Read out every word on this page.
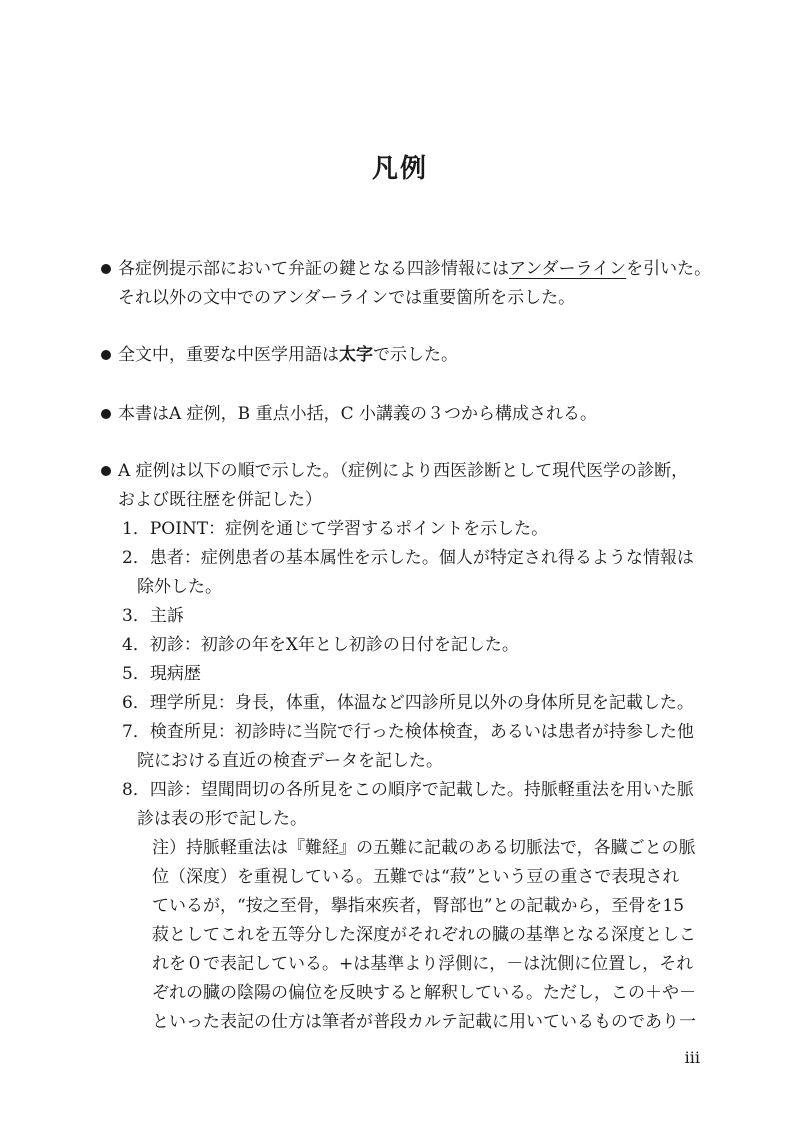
凡例
各症例提示部において弁証の鍵となる四診情報にはアンダーラインを引いた。
それ以外の文中でのアンダーラインでは重要箇所を示した。
全文中，重要な中医学用語は太字で示した。
本書はA 症例，B 重点小括，C 小講義の３つから構成される。
A 症例は以下の順で示した。（症例により西医診断として現代医学の診断，
および既往歴を併記した）
1．POINT：症例を通じて学習するポイントを示した。
2．患者：症例患者の基本属性を示した。個人が特定され得るような情報は
除外した。
3．主訴
4．初診：初診の年をX年とし初診の日付を記した。
5．現病歴
6．理学所見：身長，体重，体温など四診所見以外の身体所見を記載した。
7．検査所見：初診時に当院で行った検体検査，あるいは患者が持参した他
院における直近の検査データを記した。
8．四診：望聞問切の各所見をこの順序で記載した。持脈軽重法を用いた脈
診は表の形で記した。
注）持脈軽重法は『難経』の五難に記載のある切脈法で，各臓ごとの脈
位（深度）を重視している。五難では“菽”という豆の重さで表現され
ているが，“按之至骨，擧指來疾者，腎部也”との記載から，至骨を15
菽としてこれを五等分した深度がそれぞれの臓の基準となる深度としこ
れを０で表記している。+は基準より浮側に，－は沈側に位置し，それ
ぞれの臓の陰陽の偏位を反映すると解釈している。ただし，この＋や－
といった表記の仕方は筆者が普段カルテ記載に用いているものであり一
iii
